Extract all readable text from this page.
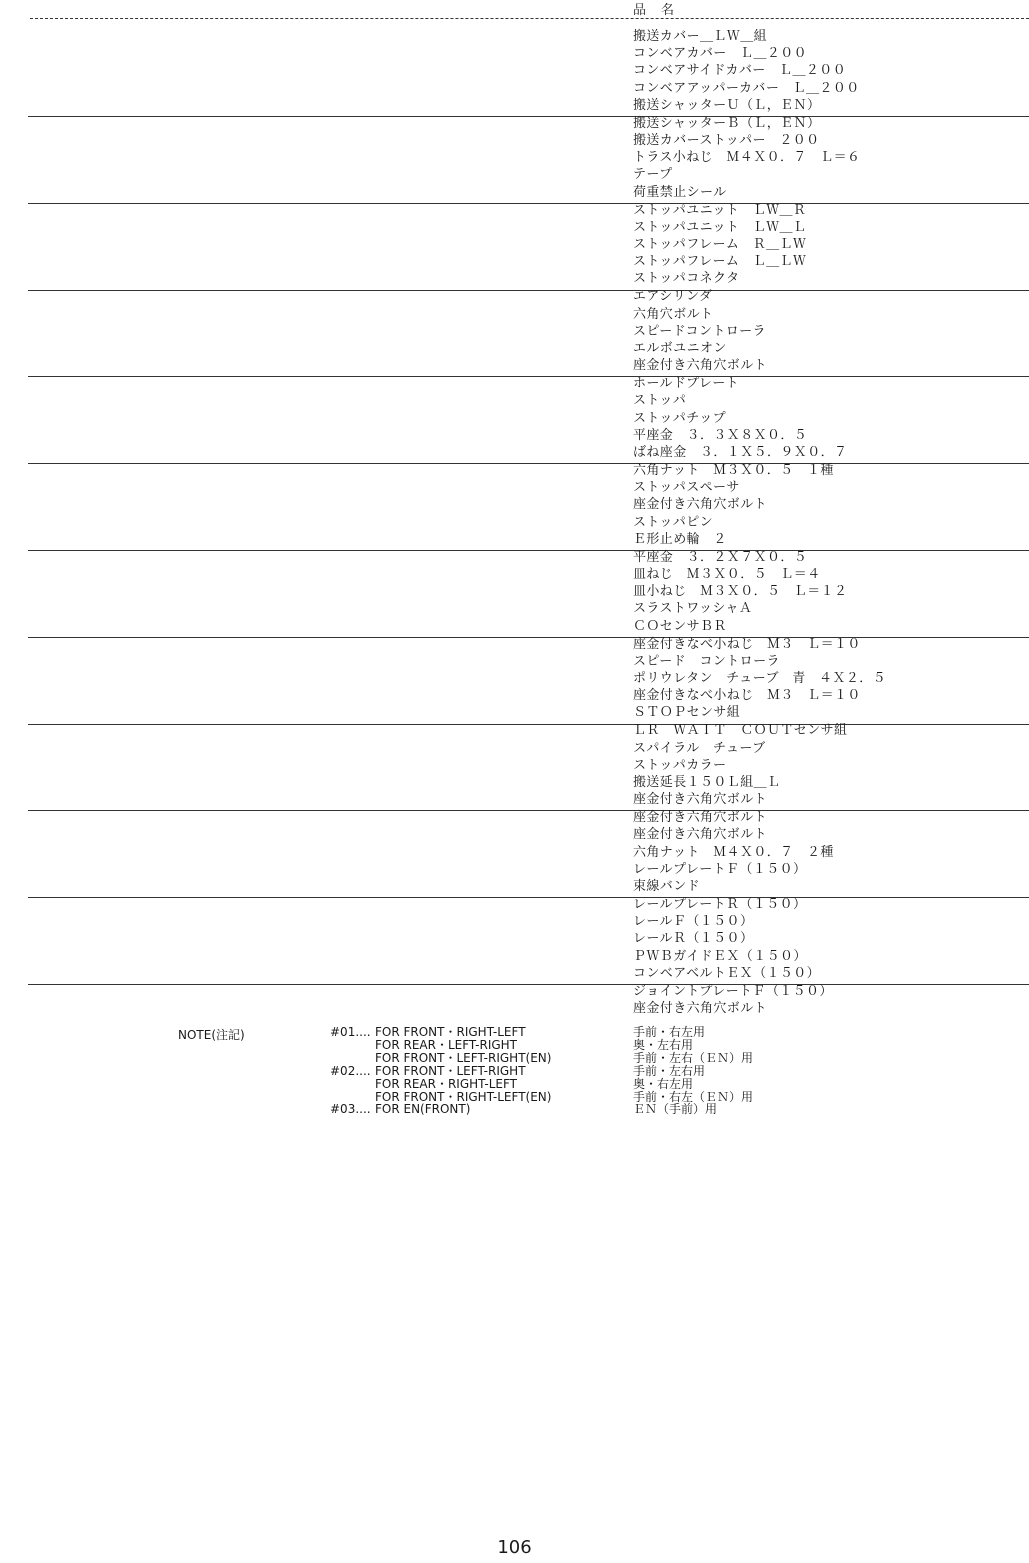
品　名
搬送カバー＿ＬＷ＿組
コンベアカバー　Ｌ＿２００
コンベアサイドカバー　Ｌ＿２００
コンベアアッパーカバー　Ｌ＿２００
搬送シャッターＵ（Ｌ，ＥＮ）
搬送シャッターＢ（Ｌ，ＥＮ）
搬送カバーストッパー　２００
トラス小ねじ　Ｍ４Ｘ０．７　Ｌ＝６
テープ
荷重禁止シール
ストッパユニット　ＬＷ＿Ｒ
ストッパユニット　ＬＷ＿Ｌ
ストッパフレーム　Ｒ＿ＬＷ
ストッパフレーム　Ｌ＿ＬＷ
ストッパコネクタ
エアシリンダ
六角穴ボルト
スピードコントローラ
エルボユニオン
座金付き六角穴ボルト
ホールドプレート
ストッパ
ストッパチップ
平座金　３．３Ｘ８Ｘ０．５
ばね座金　３．１Ｘ５．９Ｘ０．７
六角ナット　Ｍ３Ｘ０．５　１種
ストッパスペーサ
座金付き六角穴ボルト
ストッパピン
Ｅ形止め輪　２
平座金　３．２Ｘ７Ｘ０．５
皿ねじ　Ｍ３Ｘ０．５　Ｌ＝４
皿小ねじ　Ｍ３Ｘ０．５　Ｌ＝１２
スラストワッシャＡ
ＣＯセンサＢＲ
座金付きなべ小ねじ　Ｍ３　Ｌ＝１０
スピード　コントローラ
ポリウレタン　チューブ　青　４Ｘ２．５
座金付きなべ小ねじ　Ｍ３　Ｌ＝１０
ＳＴＯＰセンサ組
ＬＲ　ＷＡＩＴ　ＣＯＵＴセンサ組
スパイラル　チューブ
ストッパカラー
搬送延長１５０Ｌ組＿Ｌ
座金付き六角穴ボルト
座金付き六角穴ボルト
座金付き六角穴ボルト
六角ナット　Ｍ４Ｘ０．７　２種
レールプレートＦ（１５０）
束線バンド
レールプレートＲ（１５０）
レールＦ（１５０）
レールＲ（１５０）
ＰＷＢガイドＥＸ（１５０）
コンベアベルトＥＸ（１５０）
ジョイントプレートＦ（１５０）
座金付き六角穴ボルト
NOTE(注記)	#01.... FOR FRONT・RIGHT-LEFT	手前・右左用
FOR REAR・LEFT-RIGHT	奥・左右用
FOR FRONT・LEFT-RIGHT(EN)	手前・左右（ＥＮ）用
#02.... FOR FRONT・LEFT-RIGHT	手前・左右用
FOR REAR・RIGHT-LEFT	奥・右左用
FOR FRONT・RIGHT-LEFT(EN)	手前・右左（ＥＮ）用
#03.... FOR EN(FRONT)	ＥＮ（手前）用
106
